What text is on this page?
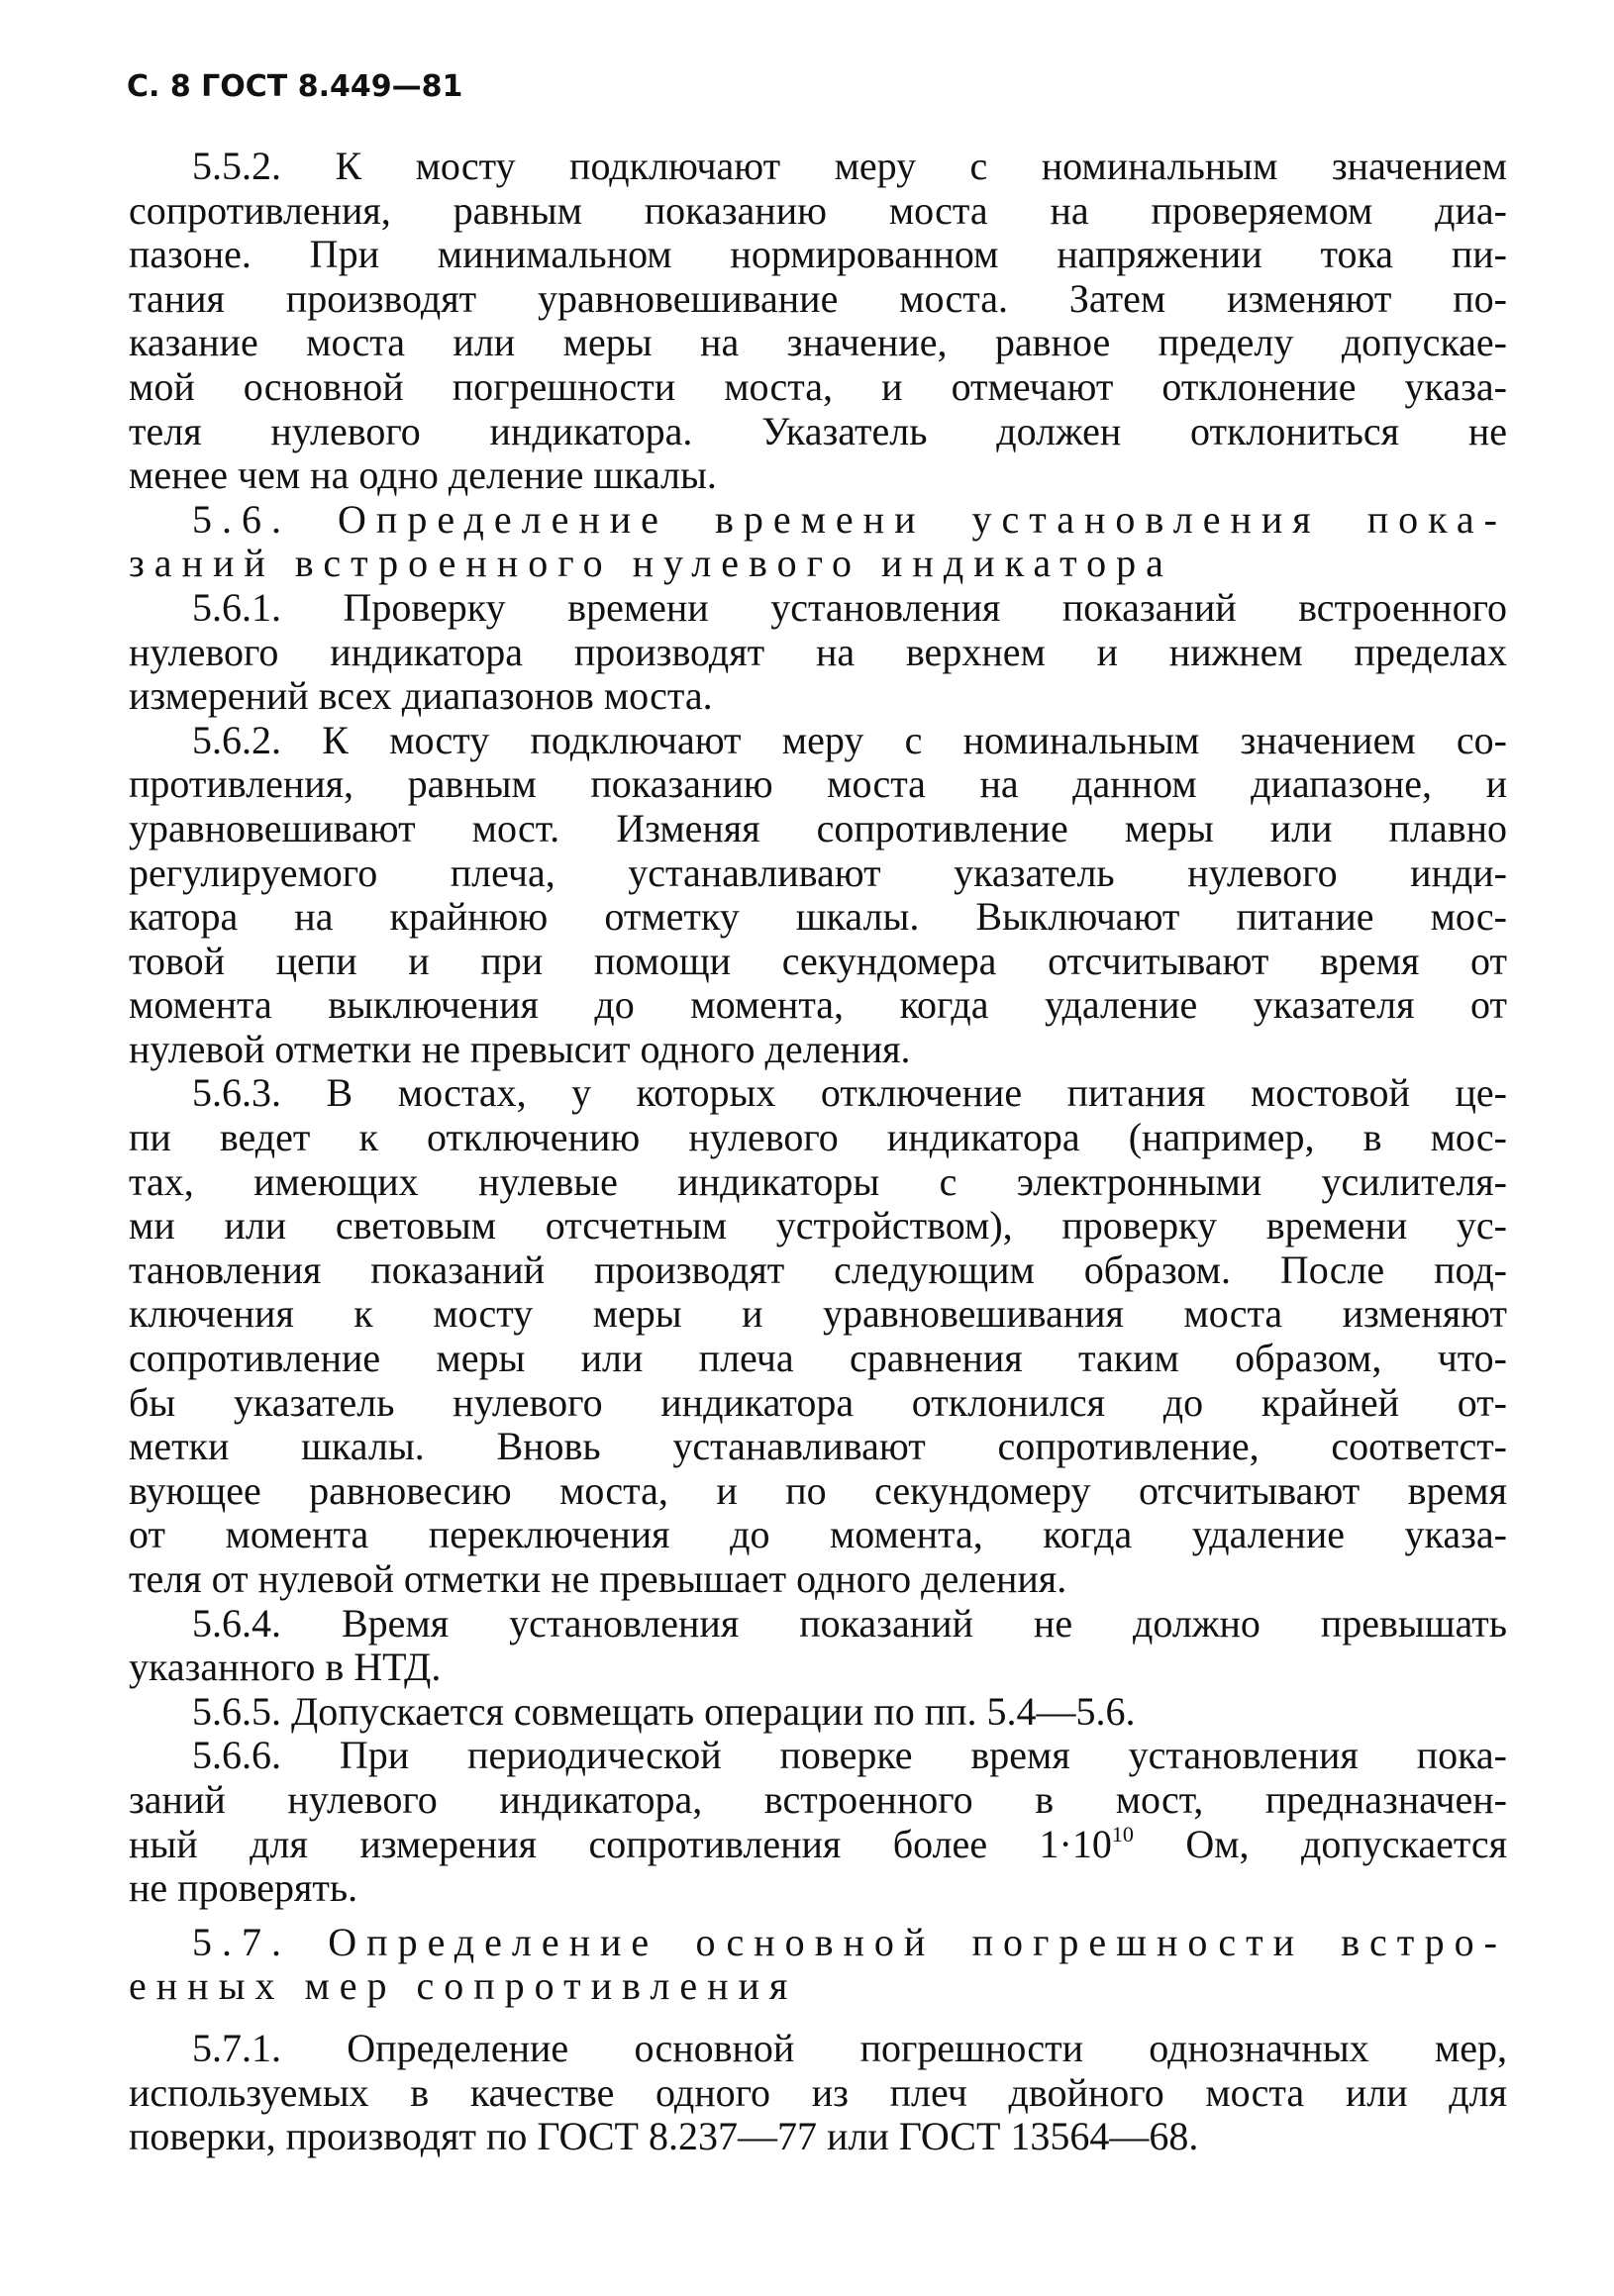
С. 8 ГОСТ 8.449—81
5.5.2. К мосту подключают меру с номинальным значением
сопротивления, равным показанию моста на проверяемом диа-
пазоне. При минимальном нормированном напряжении тока пи-
тания производят уравновешивание моста. Затем изменяют по-
казание моста или меры на значение, равное пределу допускае-
мой основной погрешности моста, и отмечают отклонение указа-
теля нулевого индикатора. Указатель должен отклониться не
менее чем на одно деление шкалы.
5.6. Определение времени установления пока-
заний встроенного нулевого индикатора
5.6.1. Проверку времени установления показаний встроенного
нулевого индикатора производят на верхнем и нижнем пределах
измерений всех диапазонов моста.
5.6.2. К мосту подключают меру с номинальным значением со-
противления, равным показанию моста на данном диапазоне, и
уравновешивают мост. Изменяя сопротивление меры или плавно
регулируемого плеча, устанавливают указатель нулевого инди-
катора на крайнюю отметку шкалы. Выключают питание мос-
товой цепи и при помощи секундомера отсчитывают время от
момента выключения до момента, когда удаление указателя от
нулевой отметки не превысит одного деления.
5.6.3. В мостах, у которых отключение питания мостовой це-
пи ведет к отключению нулевого индикатора (например, в мос-
тах, имеющих нулевые индикаторы с электронными усилителя-
ми или световым отсчетным устройством), проверку времени ус-
тановления показаний производят следующим образом. После под-
ключения к мосту меры и уравновешивания моста изменяют
сопротивление меры или плеча сравнения таким образом, что-
бы указатель нулевого индикатора отклонился до крайней от-
метки шкалы. Вновь устанавливают сопротивление, соответст-
вующее равновесию моста, и по секундомеру отсчитывают время
от момента переключения до момента, когда удаление указа-
теля от нулевой отметки не превышает одного деления.
5.6.4. Время установления показаний не должно превышать
указанного в НТД.
5.6.5. Допускается совмещать операции по пп. 5.4—5.6.
5.6.6. При периодической поверке время установления пока-
заний нулевого индикатора, встроенного в мост, предназначен-
ный для измерения сопротивления более $1\cdot 10^{10}$ Ом, допускается
не проверять.
5.7. Определение основной погрешности встро-
енных мер сопротивления
5.7.1. Определение основной погрешности однозначных мер,
используемых в качестве одного из плеч двойного моста или для
поверки, производят по ГОСТ 8.237—77 или ГОСТ 13564—68.
